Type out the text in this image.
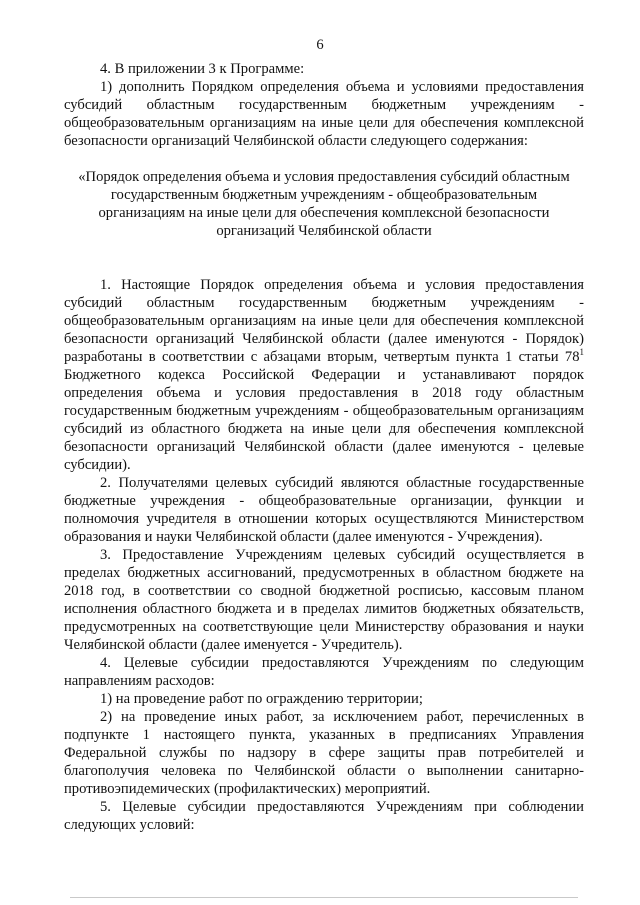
6

4. В приложении 3 к Программе:

1) дополнить Порядком определения объема и условиями предоставления субсидий областным государственным бюджетным учреждениям - общеобразовательным организациям на иные цели для обеспечения комплексной безопасности организаций Челябинской области следующего содержания:

«Порядок определения объема и условия предоставления субсидий областным
государственным бюджетным учреждениям - общеобразовательным
организациям на иные цели для обеспечения комплексной безопасности
организаций Челябинской области

1. Настоящие Порядок определения объема и условия предоставления субсидий областным государственным бюджетным учреждениям - общеобразовательным организациям на иные цели для обеспечения комплексной безопасности организаций Челябинской области (далее именуются - Порядок) разработаны в соответствии с абзацами вторым, четвертым пункта 1 статьи $78^1$ Бюджетного кодекса Российской Федерации и устанавливают порядок определения объема и условия предоставления в 2018 году областным государственным бюджетным учреждениям - общеобразовательным организациям субсидий из областного бюджета на иные цели для обеспечения комплексной безопасности организаций Челябинской области (далее именуются - целевые субсидии).

2. Получателями целевых субсидий являются областные государственные бюджетные учреждения - общеобразовательные организации, функции и полномочия учредителя в отношении которых осуществляются Министерством образования и науки Челябинской области (далее именуются - Учреждения).

3. Предоставление Учреждениям целевых субсидий осуществляется в пределах бюджетных ассигнований, предусмотренных в областном бюджете на 2018 год, в соответствии со сводной бюджетной росписью, кассовым планом исполнения областного бюджета и в пределах лимитов бюджетных обязательств, предусмотренных на соответствующие цели Министерству образования и науки Челябинской области (далее именуется - Учредитель).

4. Целевые субсидии предоставляются Учреждениям по следующим направлениям расходов:

1) на проведение работ по ограждению территории;

2) на проведение иных работ, за исключением работ, перечисленных в подпункте 1 настоящего пункта, указанных в предписаниях Управления Федеральной службы по надзору в сфере защиты прав потребителей и благополучия человека по Челябинской области о выполнении санитарно-противоэпидемических (профилактических) мероприятий.

5. Целевые субсидии предоставляются Учреждениям при соблюдении следующих условий:
